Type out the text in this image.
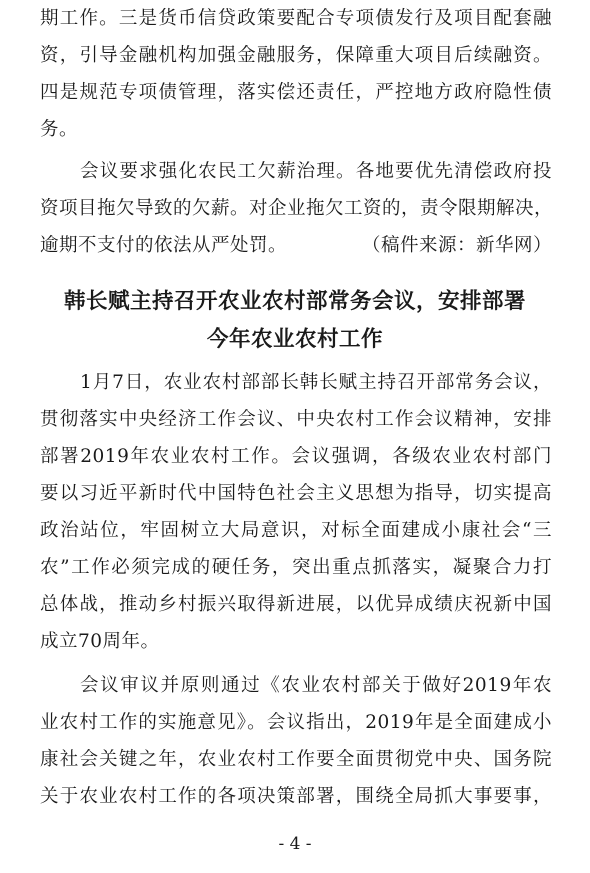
期工作。三是货币信贷政策要配合专项债发行及项目配套融
资，引导金融机构加强金融服务，保障重大项目后续融资。
四是规范专项债管理，落实偿还责任，严控地方政府隐性债
务。
会议要求强化农民工欠薪治理。各地要优先清偿政府投
资项目拖欠导致的欠薪。对企业拖欠工资的，责令限期解决，
逾期不支付的依法从严处罚。	（稿件来源：新华网）
韩长赋主持召开农业农村部常务会议，安排部署
今年农业农村工作
1月7日，农业农村部部长韩长赋主持召开部常务会议，
贯彻落实中央经济工作会议、中央农村工作会议精神，安排
部署2019年农业农村工作。会议强调，各级农业农村部门
要以习近平新时代中国特色社会主义思想为指导，切实提高
政治站位，牢固树立大局意识，对标全面建成小康社会“三
农”工作必须完成的硬任务，突出重点抓落实，凝聚合力打
总体战，推动乡村振兴取得新进展，以优异成绩庆祝新中国
成立70周年。
会议审议并原则通过《农业农村部关于做好2019年农
业农村工作的实施意见》。会议指出，2019年是全面建成小
康社会关键之年，农业农村工作要全面贯彻党中央、国务院
关于农业农村工作的各项决策部署，围绕全局抓大事要事，
- 4 -
